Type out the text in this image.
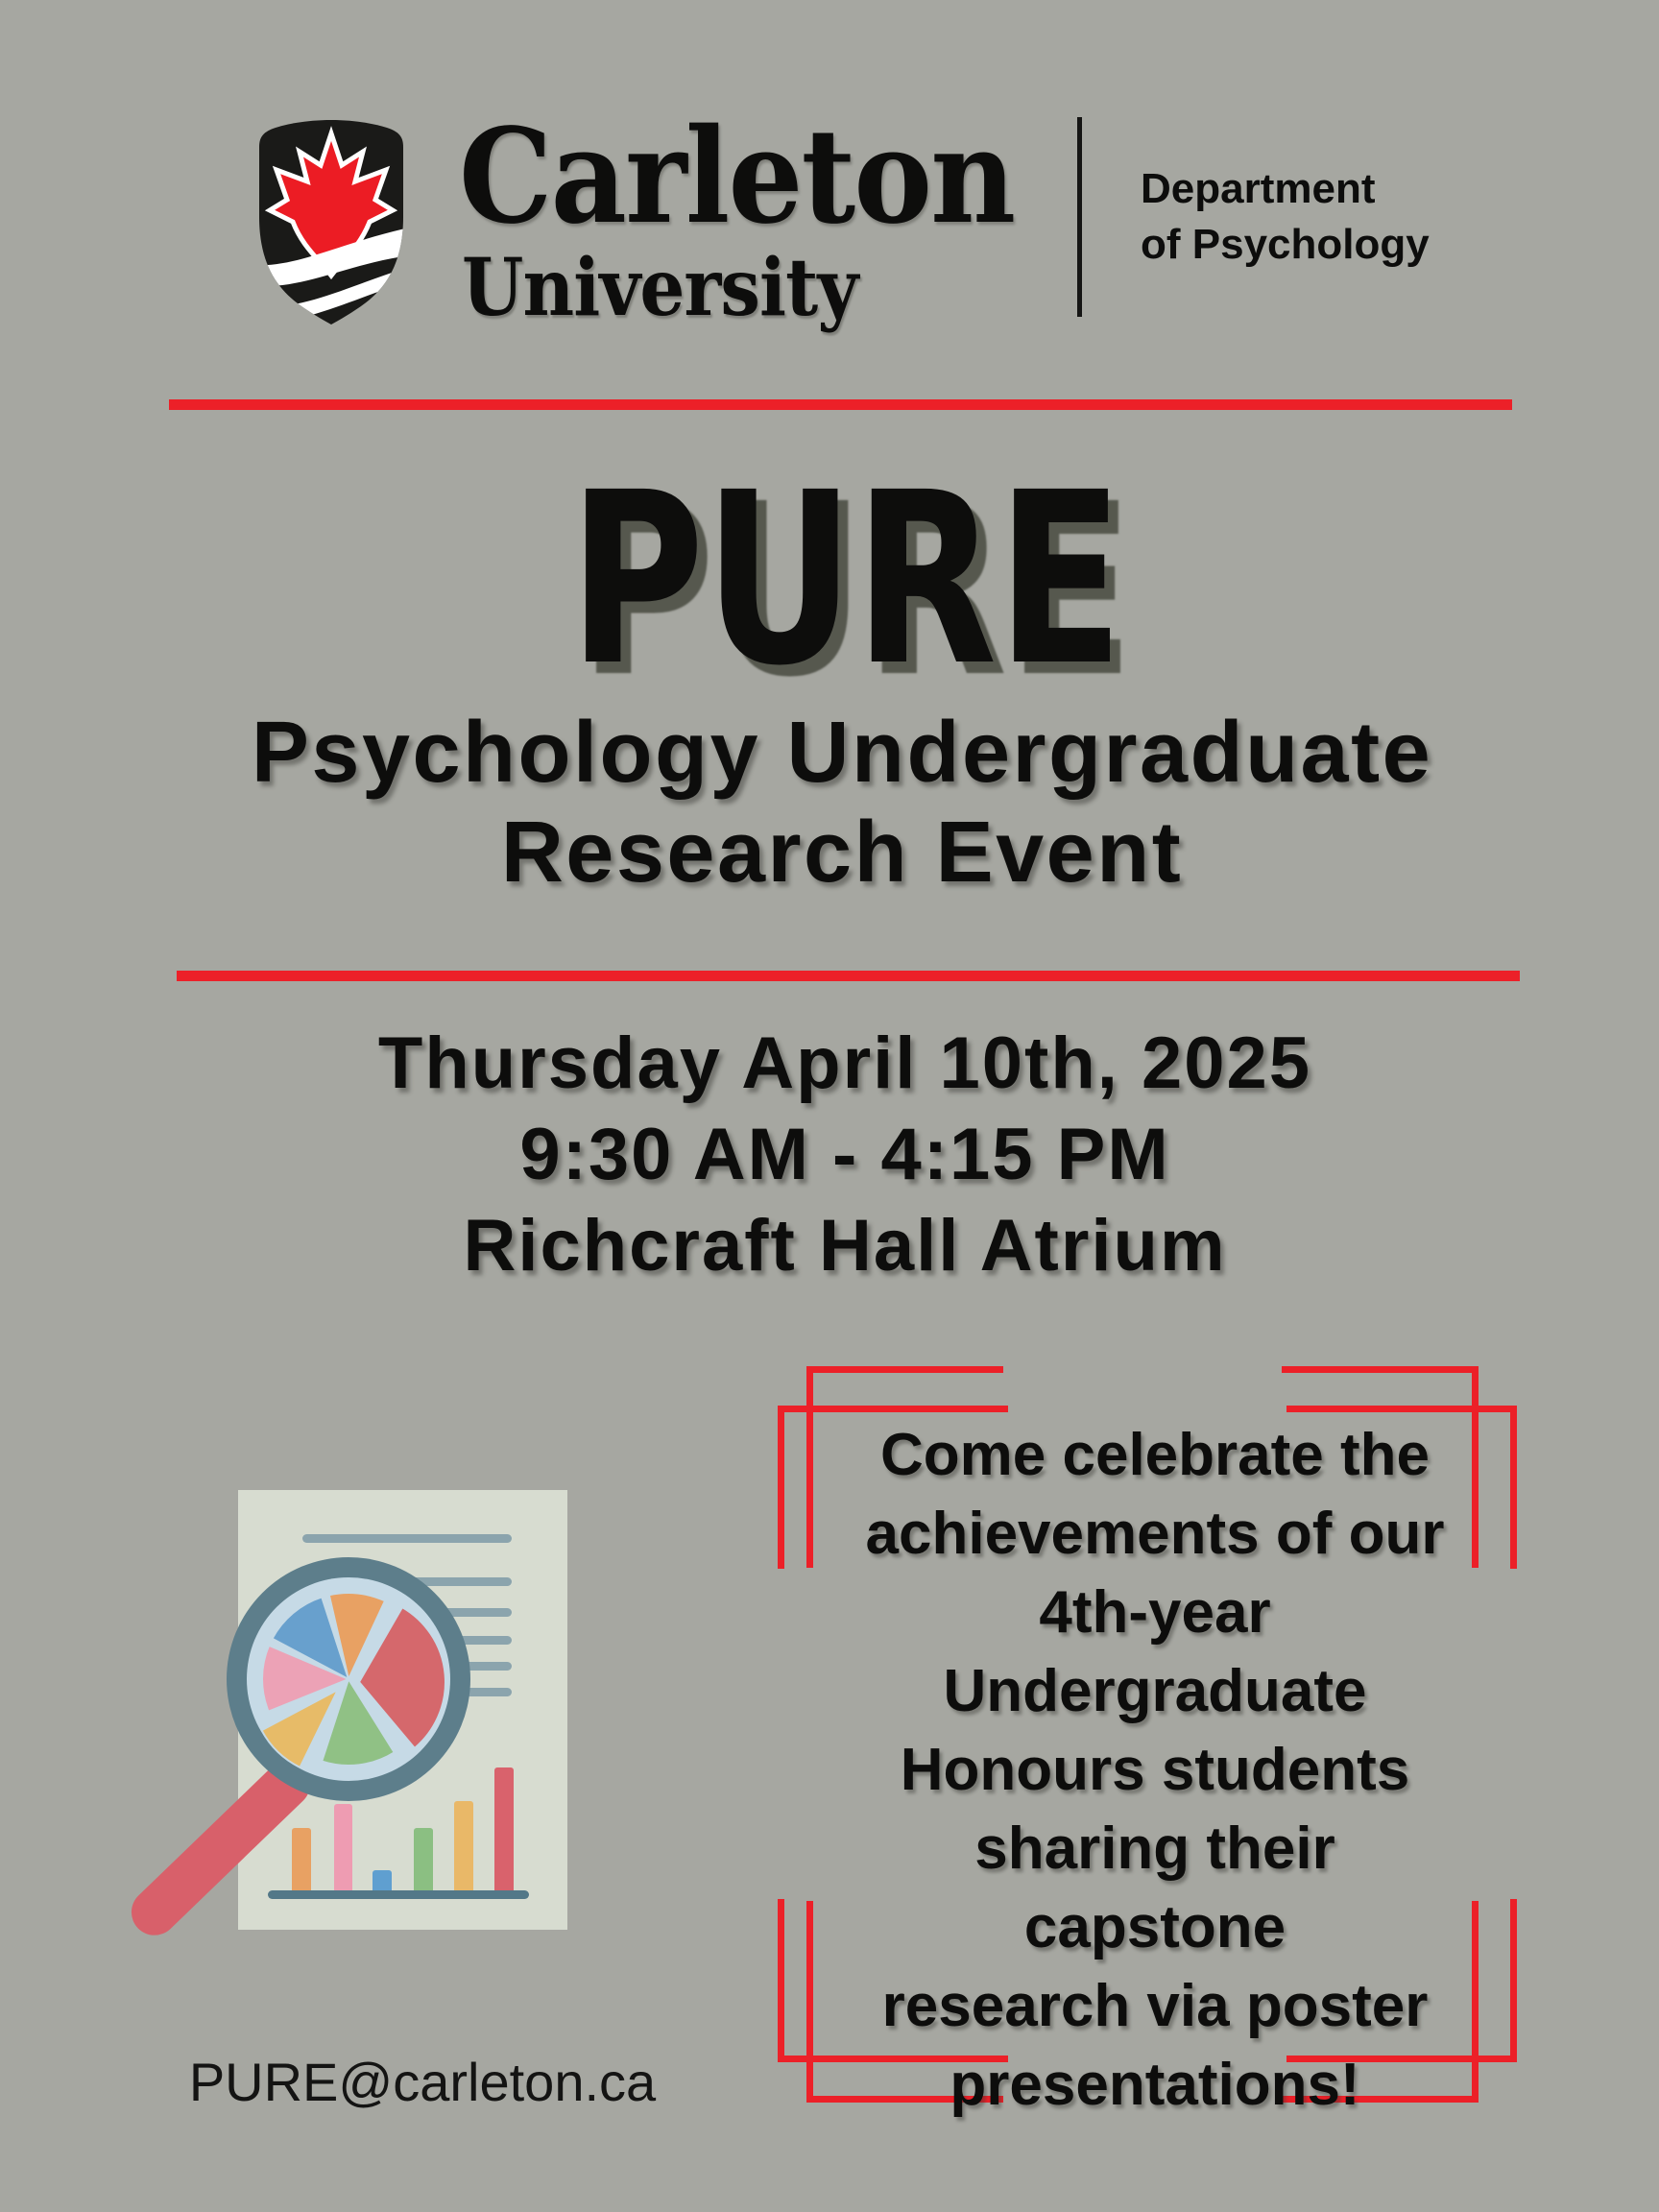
Carleton
University
Department
of Psychology
PURE
Psychology Undergraduate
Research Event
Thursday April 10th, 2025
9:30 AM - 4:15 PM
Richcraft Hall Atrium
Come celebrate the
achievements of our
4th-year
Undergraduate
Honours students
sharing their capstone
research via poster
presentations!
PURE@carleton.ca
